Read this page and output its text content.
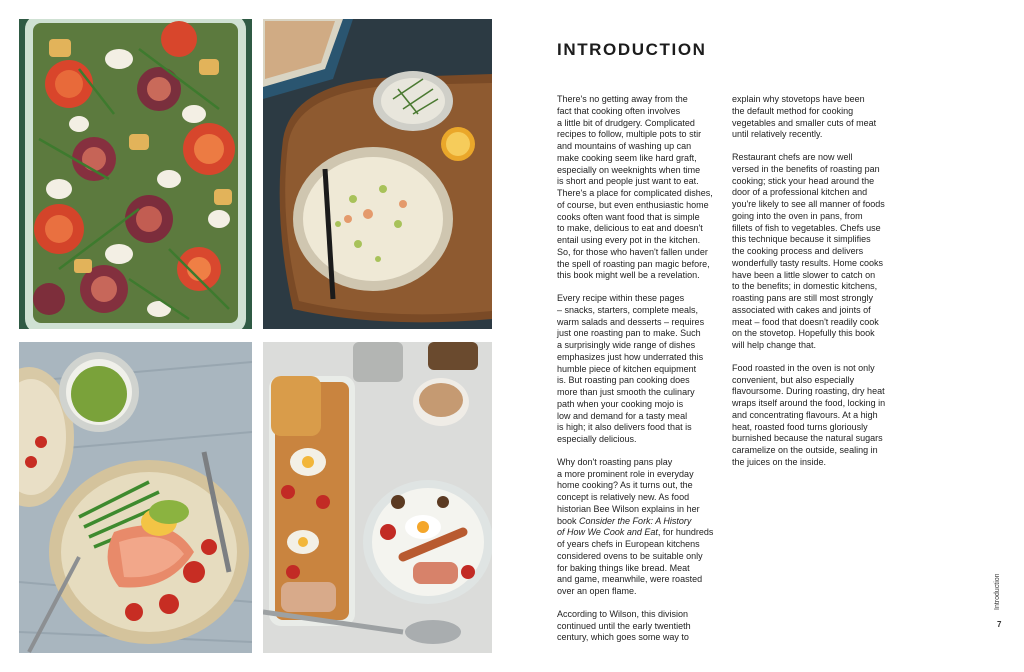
INTRODUCTION

There's no getting away from the
fact that cooking often involves
a little bit of drudgery. Complicated
recipes to follow, multiple pots to stir
and mountains of washing up can
make cooking seem like hard graft,
especially on weeknights when time
is short and people just want to eat.
There's a place for complicated dishes,
of course, but even enthusiastic home
cooks often want food that is simple
to make, delicious to eat and doesn't
entail using every pot in the kitchen.
So, for those who haven't fallen under
the spell of roasting pan magic before,
this book might well be a revelation.

Every recipe within these pages
– snacks, starters, complete meals,
warm salads and desserts – requires
just one roasting pan to make. Such
a surprisingly wide range of dishes
emphasizes just how underrated this
humble piece of kitchen equipment
is. But roasting pan cooking does
more than just smooth the culinary
path when your cooking mojo is
low and demand for a tasty meal
is high; it also delivers food that is
especially delicious.

Why don't roasting pans play
a more prominent role in everyday
home cooking? As it turns out, the
concept is relatively new. As food
historian Bee Wilson explains in her
book Consider the Fork: A History
of How We Cook and Eat, for hundreds
of years chefs in European kitchens
considered ovens to be suitable only
for baking things like bread. Meat
and game, meanwhile, were roasted
over an open flame.

According to Wilson, this division
continued until the early twentieth
century, which goes some way to

explain why stovetops have been
the default method for cooking
vegetables and smaller cuts of meat
until relatively recently.

Restaurant chefs are now well
versed in the benefits of roasting pan
cooking; stick your head around the
door of a professional kitchen and
you're likely to see all manner of foods
going into the oven in pans, from
fillets of fish to vegetables. Chefs use
this technique because it simplifies
the cooking process and delivers
wonderfully tasty results. Home cooks
have been a little slower to catch on
to the benefits; in domestic kitchens,
roasting pans are still most strongly
associated with cakes and joints of
meat – food that doesn't readily cook
on the stovetop. Hopefully this book
will help change that.

Food roasted in the oven is not only
convenient, but also especially
flavoursome. During roasting, dry heat
wraps itself around the food, locking in
and concentrating flavours. At a high
heat, roasted food turns gloriously
burnished because the natural sugars
caramelize on the outside, sealing in
the juices on the inside.

Introduction
7
